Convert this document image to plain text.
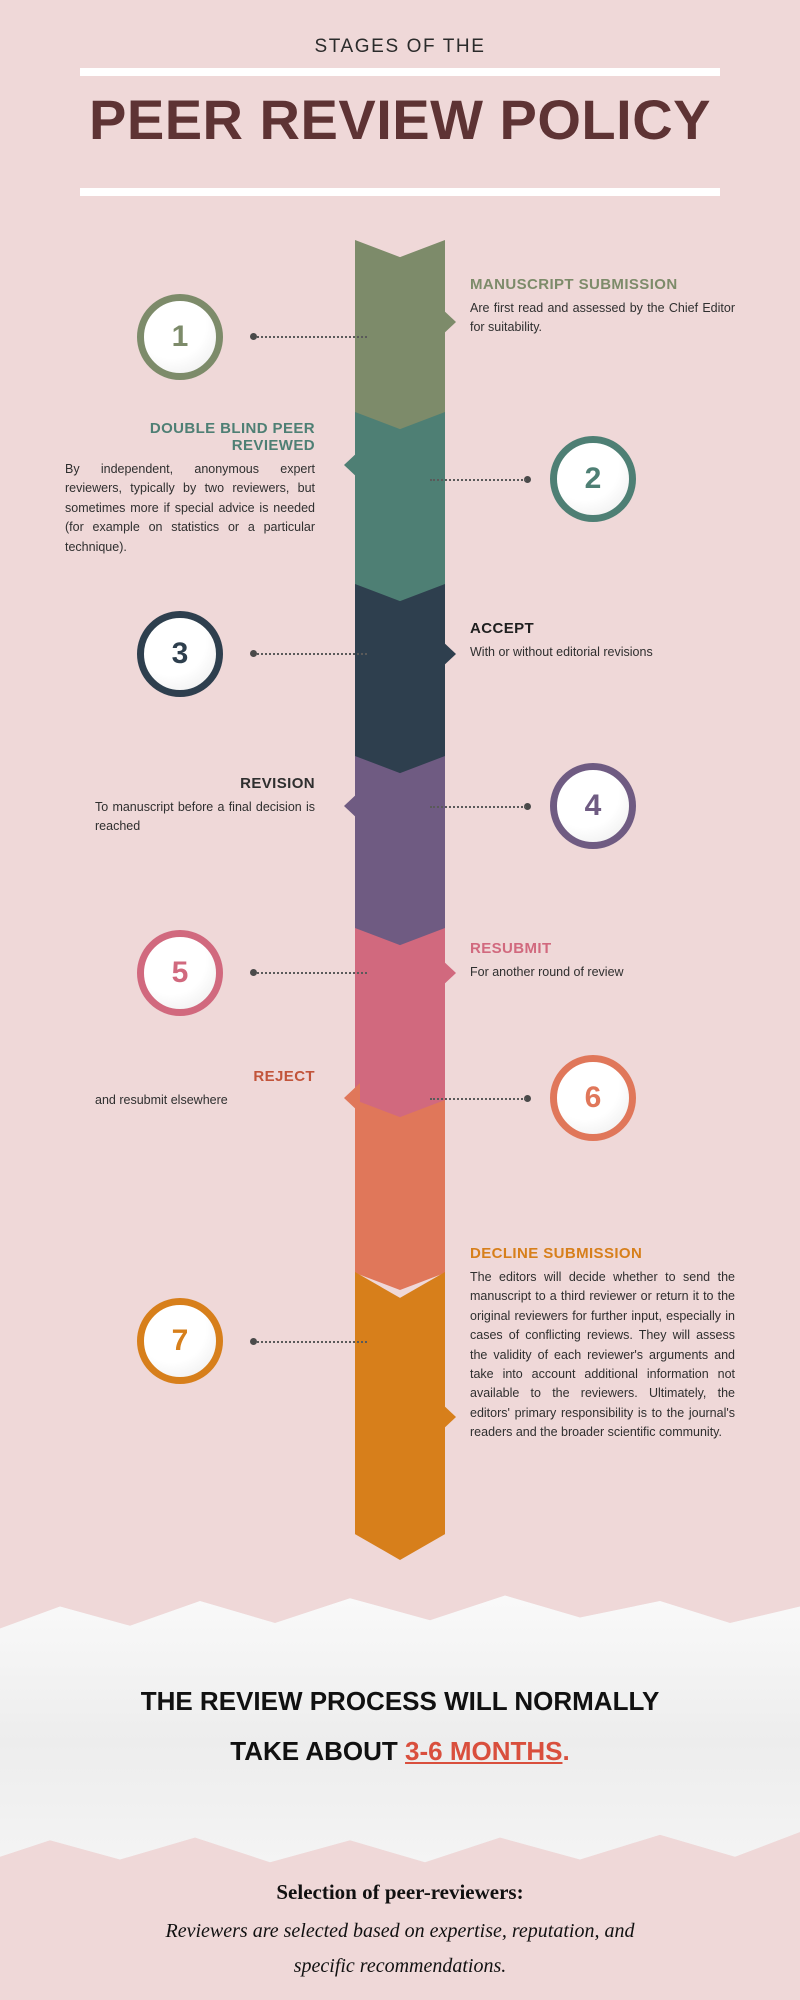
STAGES OF THE
PEER REVIEW POLICY
1
MANUSCRIPT SUBMISSION
Are first read and assessed by the Chief Editor for suitability.
2
DOUBLE BLIND PEER REVIEWED
By independent, anonymous expert reviewers, typically by two reviewers, but sometimes more if special advice is needed (for example on statistics or a particular technique).
3
ACCEPT
With or without editorial revisions
4
REVISION
To manuscript before a final decision is reached
5
RESUBMIT
For another round of review
6
REJECT
and resubmit elsewhere
7
DECLINE SUBMISSION
The editors will decide whether to send the manuscript to a third reviewer or return it to the original reviewers for further input, especially in cases of conflicting reviews. They will assess the validity of each reviewer's arguments and take into account additional information not available to the reviewers. Ultimately, the editors' primary responsibility is to the journal's readers and the broader scientific community.
THE REVIEW PROCESS WILL NORMALLY
TAKE ABOUT 3-6 MONTHS.
Selection of peer-reviewers:
Reviewers are selected based on expertise, reputation, and
specific recommendations.
